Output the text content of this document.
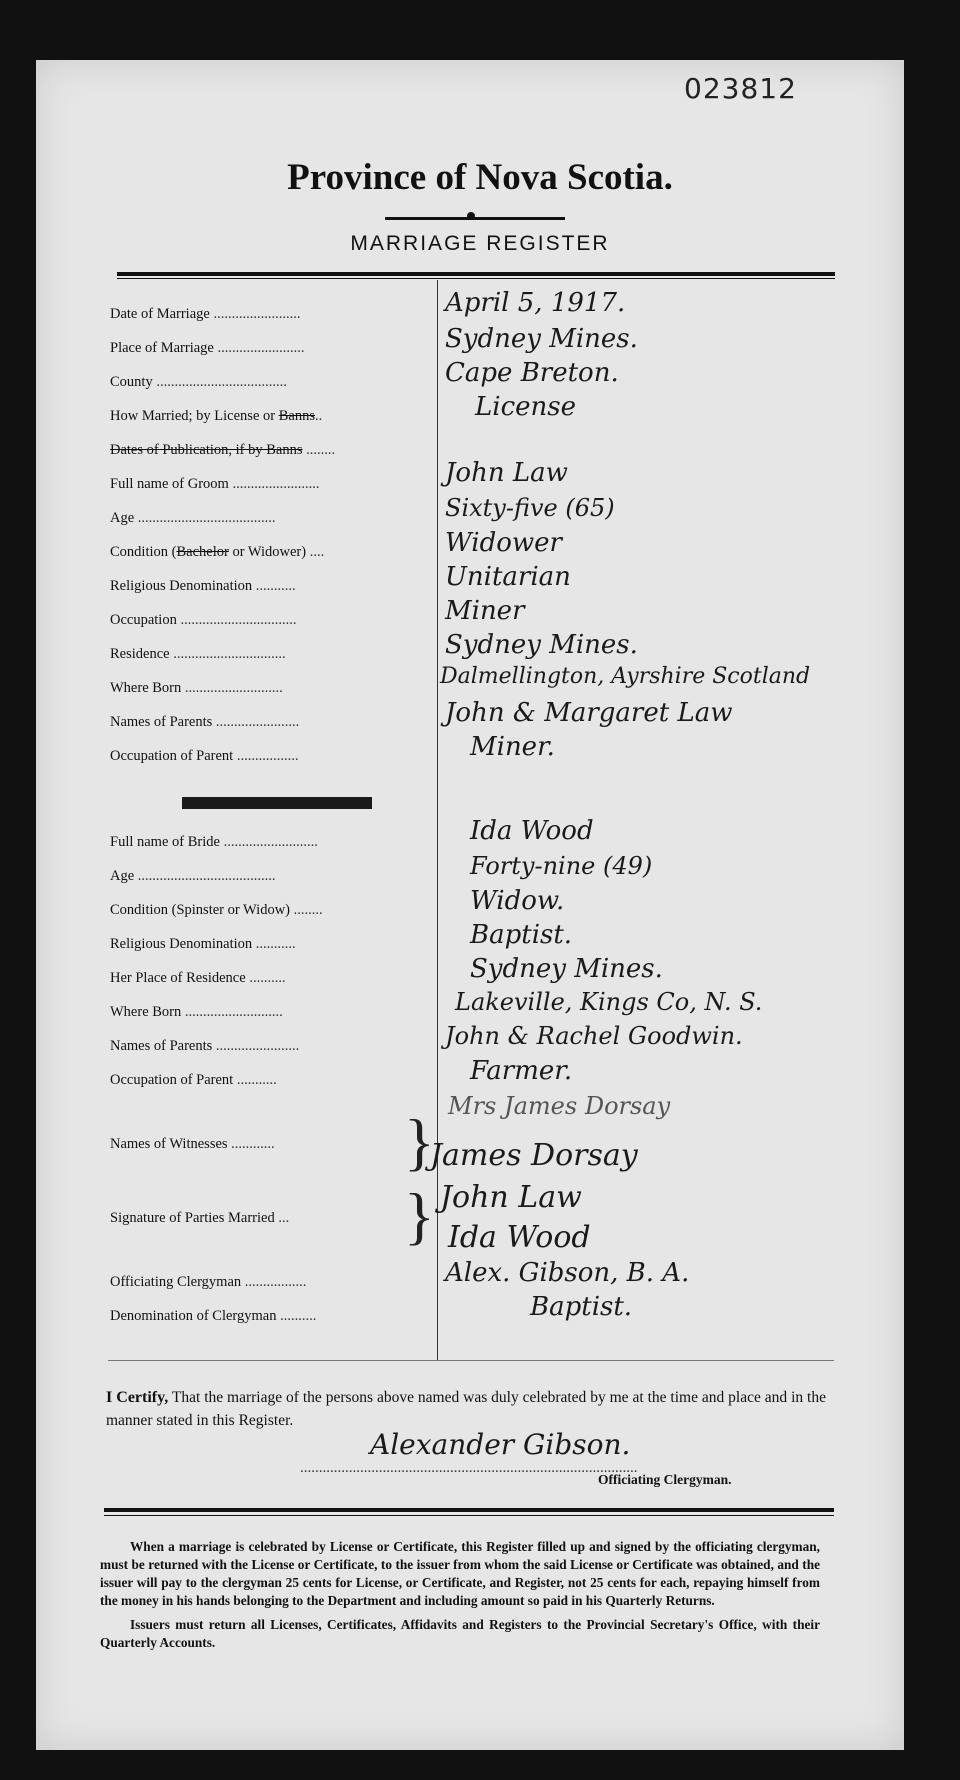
023812
Province of Nova Scotia.
MARRIAGE REGISTER
Date of Marriage ........................	April 5, 1917.
Place of Marriage ........................	Sydney Mines.
County ....................................	Cape Breton.
How Married; by License or Banns..	License
Dates of Publication, if by Banns ........
Full name of Groom ........................	John Law
Age ......................................	Sixty-five (65)
Condition (Bachelor or Widower) ....	Widower
Religious Denomination ...........	Unitarian
Occupation ................................	Miner
Residence ...............................	Sydney Mines.
Where Born ...........................	Dalmellington, Ayrshire Scotland
Names of Parents .......................	John & Margaret Law
Occupation of Parent .................	Miner.
Full name of Bride ..........................	Ida Wood
Age ......................................	Forty-nine (49)
Condition (Spinster or Widow) ........	Widow.
Religious Denomination ...........	Baptist.
Her Place of Residence ..........	Sydney Mines.
Where Born ...........................	Lakeville, Kings Co, N. S.
Names of Parents .......................	John & Rachel Goodwin.
Occupation of Parent ...........	Farmer.
Names of Witnesses ............	} Mrs James Dorsay
James Dorsay
Signature of Parties Married ...	} John Law
Ida Wood
Officiating Clergyman .................	Alex. Gibson, B. A.
Denomination of Clergyman ..........	Baptist.
I Certify, That the marriage of the persons above named was duly celebrated by me at the time and place and in the manner stated in this Register.
..........................................................................................
Alexander Gibson.
Officiating Clergyman.

When a marriage is celebrated by License or Certificate, this Register filled up and signed by the officiating clergyman, must be returned with the License or Certificate, to the issuer from whom the said License or Certificate was obtained, and the issuer will pay to the clergyman 25 cents for License, or Certificate, and Register, not 25 cents for each, repaying himself from the money in his hands belonging to the Department and including amount so paid in his Quarterly Returns.

Issuers must return all Licenses, Certificates, Affidavits and Registers to the Provincial Secretary's Office, with their Quarterly Accounts.
